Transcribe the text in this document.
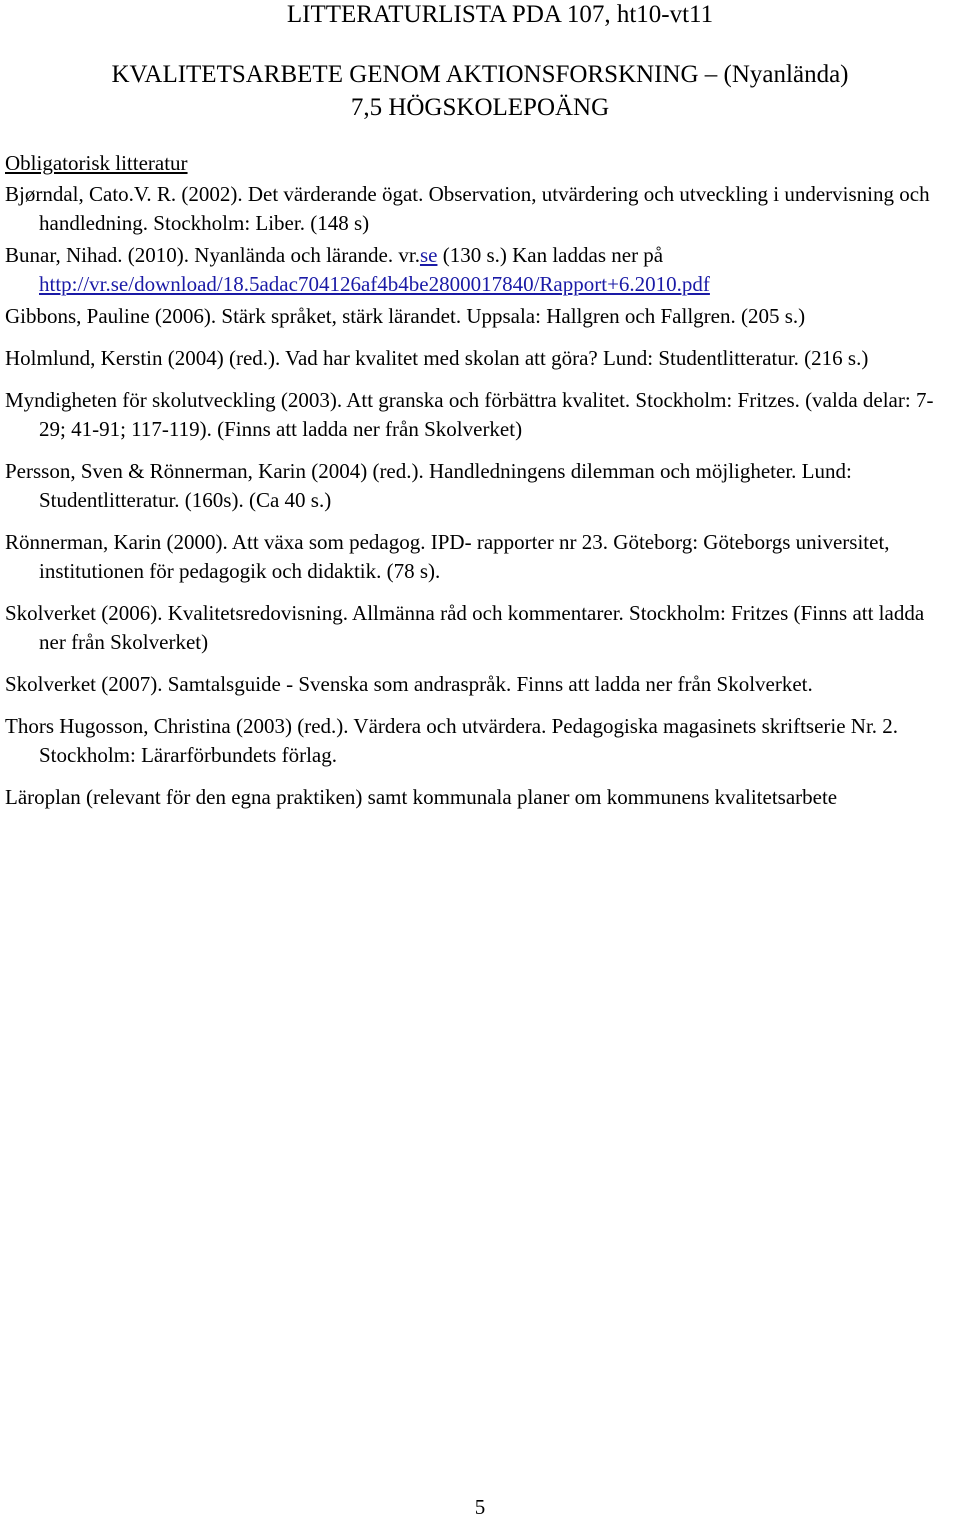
LITTERATURLISTA PDA 107, ht10-vt11
KVALITETSARBETE GENOM AKTIONSFORSKNING – (Nyanlända)
7,5 HÖGSKOLEPOÄNG
Obligatorisk litteratur

Bjørndal, Cato.V. R. (2002). Det värderande ögat. Observation, utvärdering och utveckling i undervisning och handledning. Stockholm: Liber. (148 s)

Bunar, Nihad. (2010). Nyanlända och lärande. vr.se (130 s.) Kan laddas ner på http://vr.se/download/18.5adac704126af4b4be2800017840/Rapport+6.2010.pdf

Gibbons, Pauline (2006). Stärk språket, stärk lärandet. Uppsala: Hallgren och Fallgren. (205 s.)

Holmlund, Kerstin (2004) (red.). Vad har kvalitet med skolan att göra? Lund: Studentlitteratur. (216 s.)

Myndigheten för skolutveckling (2003). Att granska och förbättra kvalitet. Stockholm: Fritzes. (valda delar: 7-29; 41-91; 117-119). (Finns att ladda ner från Skolverket)

Persson, Sven & Rönnerman, Karin (2004) (red.). Handledningens dilemman och möjligheter. Lund: Studentlitteratur. (160s). (Ca 40 s.)

Rönnerman, Karin (2000). Att växa som pedagog. IPD- rapporter nr 23. Göteborg: Göteborgs universitet, institutionen för pedagogik och didaktik. (78 s).

Skolverket (2006). Kvalitetsredovisning. Allmänna råd och kommentarer. Stockholm: Fritzes (Finns att ladda ner från Skolverket)

Skolverket (2007). Samtalsguide - Svenska som andraspråk. Finns att ladda ner från Skolverket.

Thors Hugosson, Christina (2003) (red.). Värdera och utvärdera. Pedagogiska magasinets skriftserie Nr. 2. Stockholm: Lärarförbundets förlag.

Läroplan (relevant för den egna praktiken) samt kommunala planer om kommunens kvalitetsarbete

5
